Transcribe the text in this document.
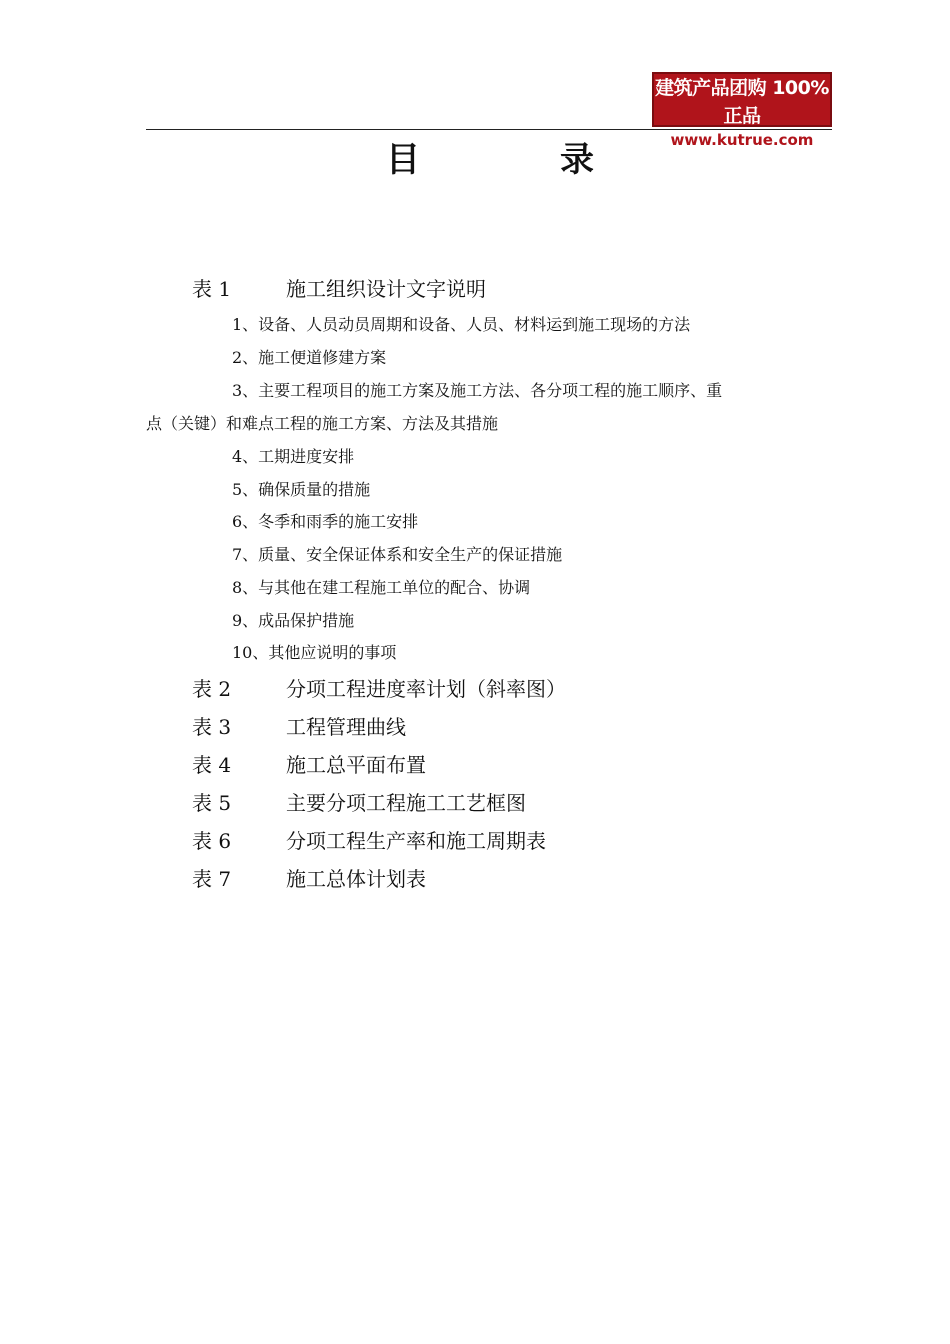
建筑产品团购 100%正品
www.kutrue.com
目	录
表 1	施工组织设计文字说明
1、设备、人员动员周期和设备、人员、材料运到施工现场的方法
2、施工便道修建方案
3、主要工程项目的施工方案及施工方法、各分项工程的施工顺序、重
点（关键）和难点工程的施工方案、方法及其措施
4、工期进度安排
5、确保质量的措施
6、冬季和雨季的施工安排
7、质量、安全保证体系和安全生产的保证措施
8、与其他在建工程施工单位的配合、协调
9、成品保护措施
10、其他应说明的事项
表 2	分项工程进度率计划（斜率图）
表 3	工程管理曲线
表 4	施工总平面布置
表 5	主要分项工程施工工艺框图
表 6	分项工程生产率和施工周期表
表 7	施工总体计划表
